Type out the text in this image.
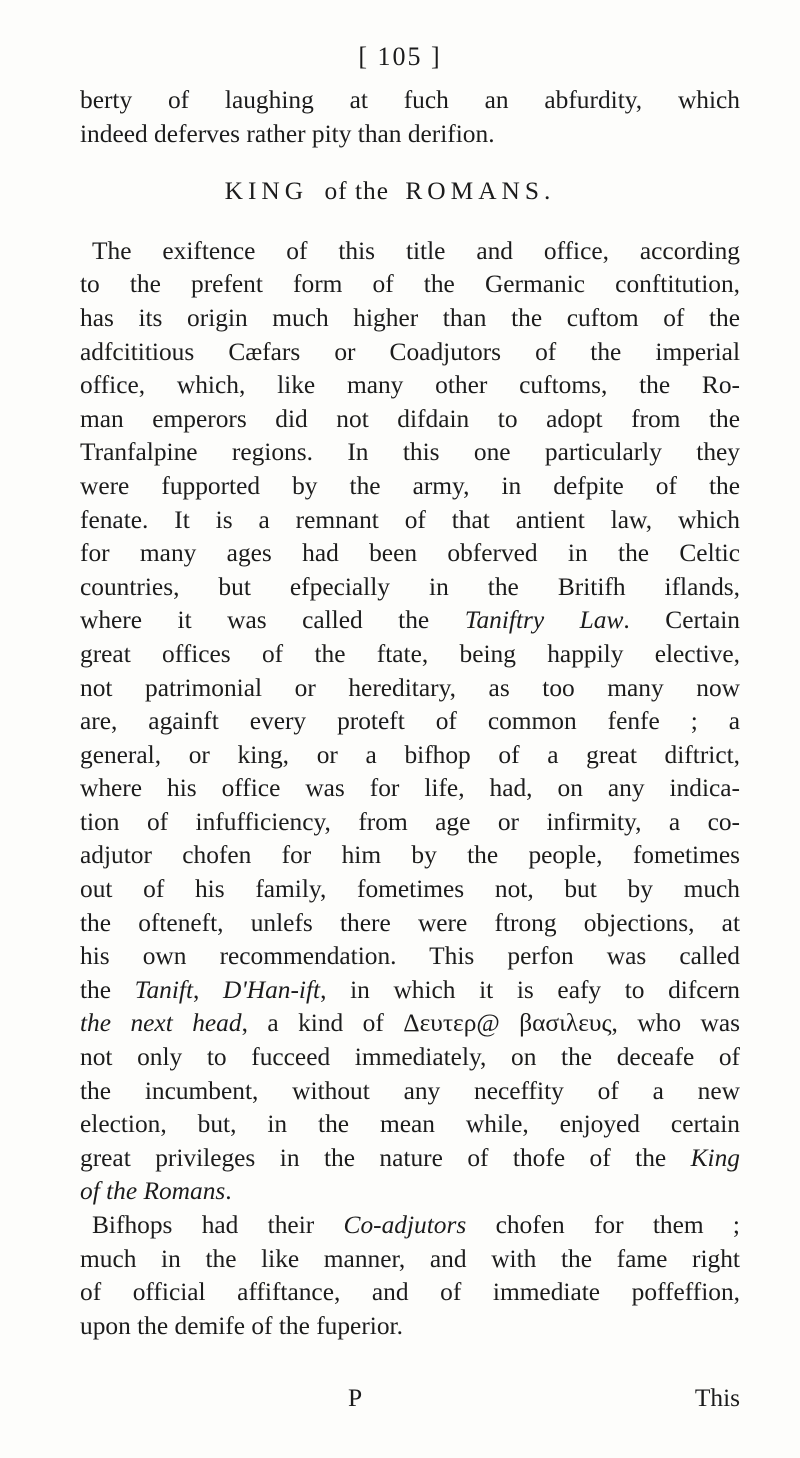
[ 105 ]
berty of laughing at fuch an abfurdity, which
indeed deferves rather pity than derifion.
KING of the ROMANS.
The exiftence of this title and office, according
to the prefent form of the Germanic conftitution,
has its origin much higher than the cuftom of the
adfcititious Cæfars or Coadjutors of the imperial
office, which, like many other cuftoms, the Ro-
man emperors did not difdain to adopt from the
Tranfalpine regions. In this one particularly they
were fupported by the army, in defpite of the
fenate. It is a remnant of that antient law, which
for many ages had been obferved in the Celtic
countries, but efpecially in the Britifh iflands,
where it was called the Taniftry Law. Certain
great offices of the ftate, being happily elective,
not patrimonial or hereditary, as too many now
are, againft every proteft of common fenfe ; a
general, or king, or a bifhop of a great diftrict,
where his office was for life, had, on any indica-
tion of infufficiency, from age or infirmity, a co-
adjutor chofen for him by the people, fometimes
out of his family, fometimes not, but by much
the ofteneft, unlefs there were ftrong objections, at
his own recommendation. This perfon was called
the Tanift, D'Han-ift, in which it is eafy to difcern
the next head, a kind of Δευτερ@ βασιλευς, who was
not only to fucceed immediately, on the deceafe of
the incumbent, without any neceffity of a new
election, but, in the mean while, enjoyed certain
great privileges in the nature of thofe of the King
of the Romans.
Bifhops had their Co-adjutors chofen for them ;
much in the like manner, and with the fame right
of official affiftance, and of immediate poffeffion,
upon the demife of the fuperior.
P	This
